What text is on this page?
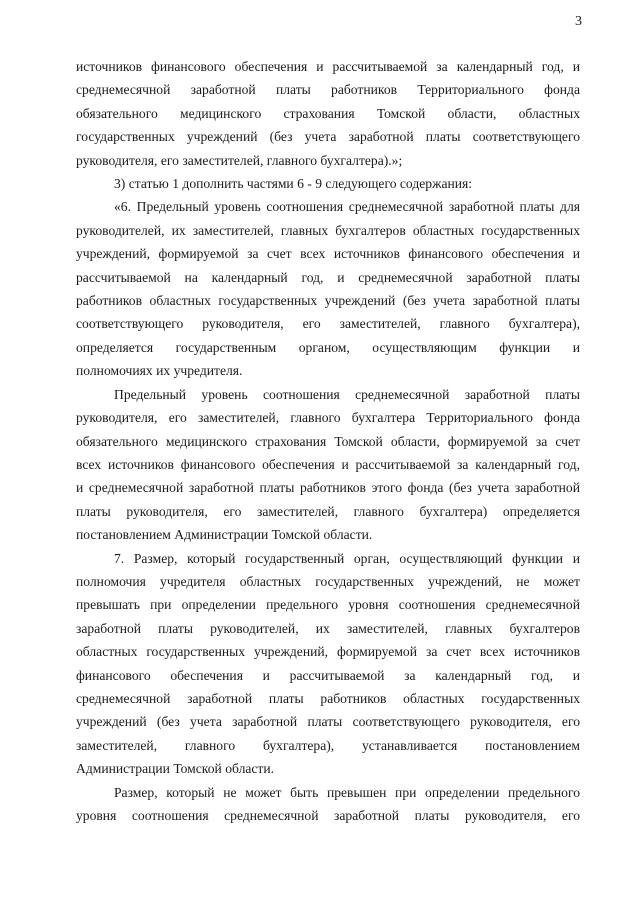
3

источников финансового обеспечения и рассчитываемой за календарный год, и

среднемесячной заработной платы работников Территориального фонда

обязательного медицинского страхования Томской области, областных

государственных учреждений (без учета заработной платы соответствующего

руководителя, его заместителей, главного бухгалтера).»;

3) статью 1 дополнить частями 6 - 9 следующего содержания:

«6. Предельный уровень соотношения среднемесячной заработной платы для

руководителей, их заместителей, главных бухгалтеров областных государственных

учреждений, формируемой за счет всех источников финансового обеспечения и

рассчитываемой на календарный год, и среднемесячной заработной платы

работников областных государственных учреждений (без учета заработной платы

соответствующего руководителя, его заместителей, главного бухгалтера),

определяется государственным органом, осуществляющим функции и

полномочиях их учредителя.

Предельный уровень соотношения среднемесячной заработной платы

руководителя, его заместителей, главного бухгалтера Территориального фонда

обязательного медицинского страхования Томской области, формируемой за счет

всех источников финансового обеспечения и рассчитываемой за календарный год,

и среднемесячной заработной платы работников этого фонда (без учета заработной

платы руководителя, его заместителей, главного бухгалтера) определяется

постановлением Администрации Томской области.

7. Размер, который государственный орган, осуществляющий функции и

полномочия учредителя областных государственных учреждений, не может

превышать при определении предельного уровня соотношения среднемесячной

заработной платы руководителей, их заместителей, главных бухгалтеров

областных государственных учреждений, формируемой за счет всех источников

финансового обеспечения и рассчитываемой за календарный год, и

среднемесячной заработной платы работников областных государственных

учреждений (без учета заработной платы соответствующего руководителя, его

заместителей, главного бухгалтера), устанавливается постановлением

Администрации Томской области.

Размер, который не может быть превышен при определении предельного

уровня соотношения среднемесячной заработной платы руководителя, его
